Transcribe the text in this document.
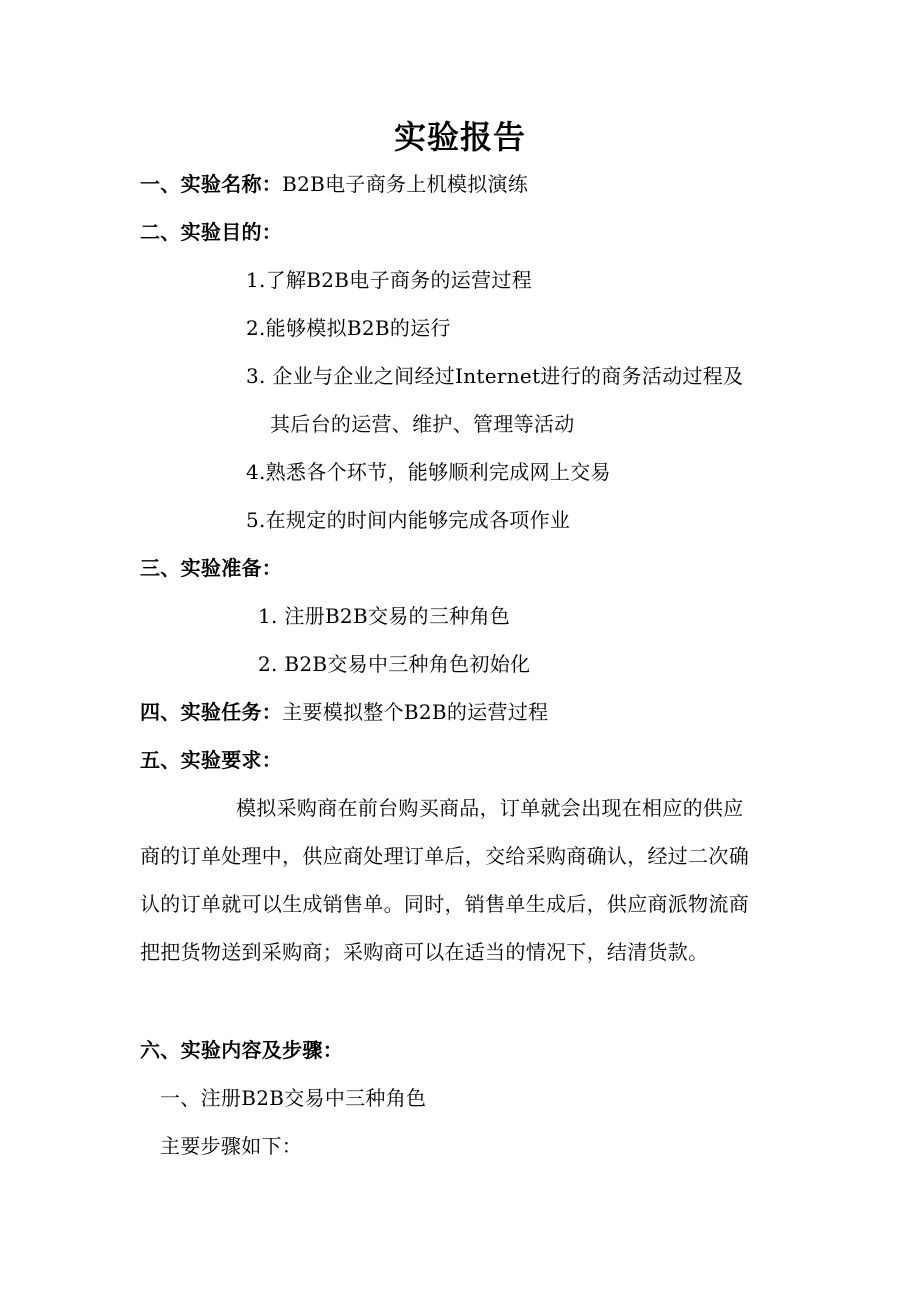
实验报告
一、实验名称：B2B电子商务上机模拟演练
二、实验目的：
1.了解B2B电子商务的运营过程
2.能够模拟B2B的运行
3. 企业与企业之间经过Internet进行的商务活动过程及
其后台的运营、维护、管理等活动
4.熟悉各个环节，能够顺利完成网上交易
5.在规定的时间内能够完成各项作业
三、实验准备：
1. 注册B2B交易的三种角色
2. B2B交易中三种角色初始化
四、实验任务：主要模拟整个B2B的运营过程
五、实验要求：
模拟采购商在前台购买商品，订单就会出现在相应的供应
商的订单处理中，供应商处理订单后，交给采购商确认，经过二次确
认的订单就可以生成销售单。同时，销售单生成后，供应商派物流商
把把货物送到采购商；采购商可以在适当的情况下，结清货款。
六、实验内容及步骤：
一、注册B2B交易中三种角色
主要步骤如下：
